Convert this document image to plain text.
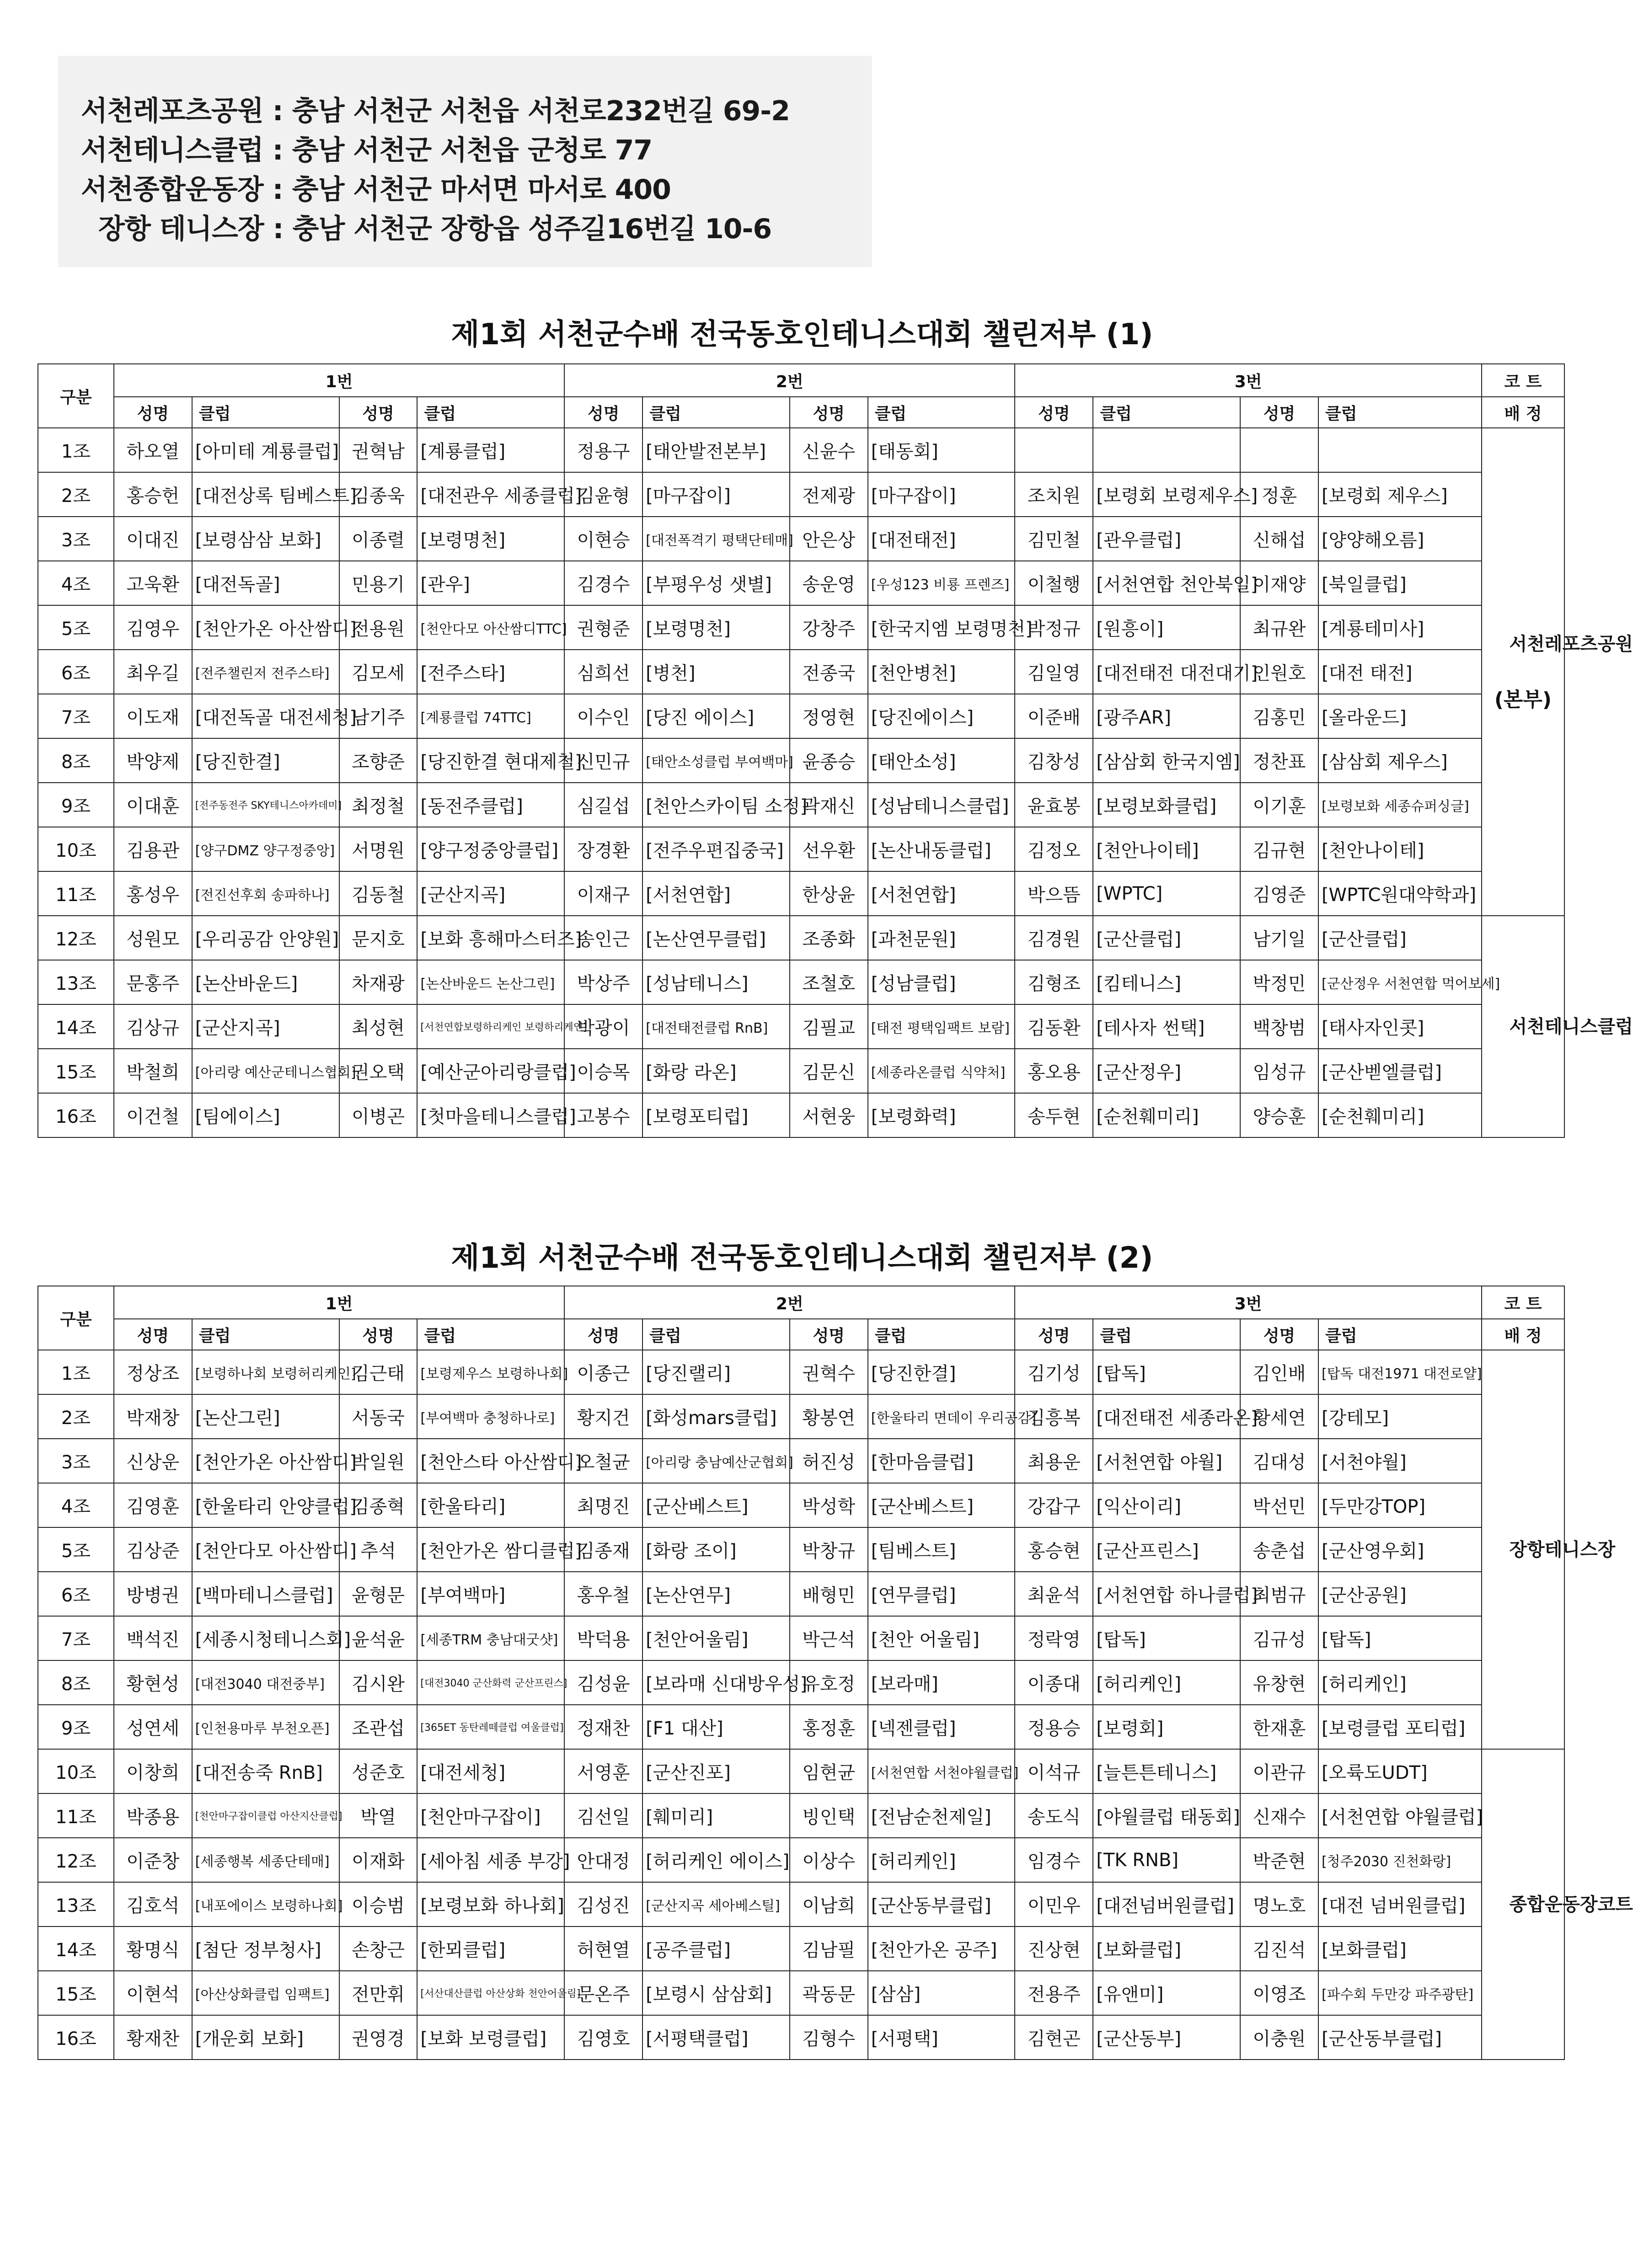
서천레포츠공원 : 충남 서천군 서천읍 서천로232번길 69-2
서천테니스클럽 : 충남 서천군 서천읍 군청로 77
서천종합운동장 : 충남 서천군 마서면 마서로 400
장항 테니스장 : 충남 서천군 장항읍 성주길16번길 10-6
제1회 서천군수배 전국동호인테니스대회 챌린저부 (1)
구분	1번				2번				3번				코 트
	성명	클럽	성명	클럽	성명	클럽	성명	클럽	성명	클럽	성명	클럽	배 정
1조	하오열	[아미테 계룡클럽]	권혁남	[계룡클럽]	정용구	[태안발전본부]	신윤수	[태동회]					서천레포츠공원
(본부)

2조	홍승헌	[대전상록 팀베스트]	김종욱	[대전관우 세종클럽]	김윤형	[마구잡이]	전제광	[마구잡이]	조치원	[보령회 보령제우스]	정훈	[보령회 제우스]	
3조	이대진	[보령삼삼 보화]	이종렬	[보령명천]	이현승	[대전폭격기 평택단테매]	안은상	[대전태전]	김민철	[관우클럽]	신해섭	[양양해오름]	
4조	고욱환	[대전독골]	민용기	[관우]	김경수	[부평우성 샛별]	송운영	[우성123 비룡 프렌즈]	이철행	[서천연합 천안북일]	이재양	[북일클럽]	
5조	김영우	[천안가온 아산쌈디]	전용원	[천안다모 아산쌈디TTC]	권형준	[보령명천]	강창주	[한국지엠 보령명천]	박정규	[원흥이]	최규완	[계룡테미사]	
6조	최우길	[전주챌린저 전주스타]	김모세	[전주스타]	심희선	[병천]	전종국	[천안병천]	김일영	[대전태전 대전대기]	인원호	[대전 태전]	
7조	이도재	[대전독골 대전세청]	남기주	[계룡클럽 74TTC]	이수인	[당진 에이스]	정영현	[당진에이스]	이준배	[광주AR]	김홍민	[올라운드]	
8조	박양제	[당진한결]	조향준	[당진한결 현대제철]	신민규	[태안소성클럽 부여백마]	윤종승	[태안소성]	김창성	[삼삼회 한국지엠]	정찬표	[삼삼회 제우스]	
9조	이대훈	[전주동전주 SKY테니스아카데미]	최정철	[동전주클럽]	심길섭	[천안스카이팀 소정]	곽재신	[성남테니스클럽]	윤효봉	[보령보화클럽]	이기훈	[보령보화 세종슈퍼싱글]	
10조	김용관	[양구DMZ 양구정중앙]	서명원	[양구정중앙클럽]	장경환	[전주우편집중국]	선우환	[논산내동클럽]	김정오	[천안나이테]	김규현	[천안나이테]	
11조	홍성우	[전진선후회 송파하나]	김동철	[군산지곡]	이재구	[서천연합]	한상윤	[서천연합]	박으뜸	[WPTC]	김영준	[WPTC원대약학과]	
12조	성원모	[우리공감 안양원]	문지호	[보화 흥해마스터즈]	송인근	[논산연무클럽]	조종화	[과천문원]	김경원	[군산클럽]	남기일	[군산클럽]	서천테니스클럽
13조	문홍주	[논산바운드]	차재광	[논산바운드 논산그린]	박상주	[성남테니스]	조철호	[성남클럽]	김형조	[킴테니스]	박정민	[군산정우 서천연합 먹어보세]	
14조	김상규	[군산지곡]	최성현	[서천연합보령하리케인 보령하리케인]	박광이	[대전태전클럽 RnB]	김필교	[태전 평택임팩트 보람]	김동환	[테사자 썬택]	백창범	[태사자인콧]	
15조	박철희	[아리랑 예산군테니스협회]	권오택	[예산군아리랑클럽]	이승목	[화랑 라온]	김문신	[세종라온클럽 식약처]	홍오용	[군산정우]	임성규	[군산벧엘클럽]	
16조	이건철	[팀에이스]	이병곤	[첫마을테니스클럽]	고봉수	[보령포티럽]	서현웅	[보령화력]	송두현	[순천훼미리]	양승훈	[순천훼미리]	
제1회 서천군수배 전국동호인테니스대회 챌린저부 (2)
구분	1번				2번				3번				코 트
	성명	클럽	성명	클럽	성명	클럽	성명	클럽	성명	클럽	성명	클럽	배 정
1조	정상조	[보령하나회 보령허리케인]	김근태	[보령제우스 보령하나회]	이종근	[당진랠리]	권혁수	[당진한결]	김기성	[탑독]	김인배	[탑독 대전1971 대전로얄]	장항테니스장
2조	박재창	[논산그린]	서동국	[부여백마 충청하나로]	황지건	[화성mars클럽]	황봉연	[한울타리 면데이 우리공감]	김흥복	[대전태전 세종라온]	황세연	[강테모]	
3조	신상운	[천안가온 아산쌈디]	박일원	[천안스타 아산쌈디]	오철균	[아리랑 충남예산군협회]	허진성	[한마음클럽]	최용운	[서천연합 야월]	김대성	[서천야월]	
4조	김영훈	[한울타리 안양클럽]	김종혁	[한울타리]	최명진	[군산베스트]	박성학	[군산베스트]	강갑구	[익산이리]	박선민	[두만강TOP]	
5조	김상준	[천안다모 아산쌈디]	추석	[천안가온 쌈디클럽]	김종재	[화랑 조이]	박창규	[팀베스트]	홍승현	[군산프린스]	송춘섭	[군산영우회]	
6조	방병권	[백마테니스클럽]	윤형문	[부여백마]	홍우철	[논산연무]	배형민	[연무클럽]	최윤석	[서천연합 하나클럽]	최범규	[군산공원]	
7조	백석진	[세종시청테니스회]	윤석윤	[세종TRM 충남대굿샷]	박덕용	[천안어울림]	박근석	[천안 어울림]	정락영	[탑독]	김규성	[탑독]	
8조	황현성	[대전3040 대전중부]	김시완	[대전3040 군산화력 군산프린스]	김성윤	[보라매 신대방우성]	유호정	[보라매]	이종대	[허리케인]	유창현	[허리케인]	
9조	성연세	[인천용마루 부천오픈]	조관섭	[365ET 동탄레떼클럽 여울클럽]	정재찬	[F1 대산]	홍정훈	[넥젠클럽]	정용승	[보령회]	한재훈	[보령클럽 포티럽]	
10조	이창희	[대전송죽 RnB]	성준호	[대전세청]	서영훈	[군산진포]	임현균	[서천연합 서천야월클럽]	이석규	[늘튼튼테니스]	이관규	[오륙도UDT]	종합운동장코트
11조	박종용	[천안마구잡이클럽 아산지산클럽]	박열	[천안마구잡이]	김선일	[훼미리]	빙인택	[전남순천제일]	송도식	[야월클럽 태동회]	신재수	[서천연합 야월클럽]	
12조	이준창	[세종행복 세종단테매]	이재화	[세아침 세종 부강]	안대정	[허리케인 에이스]	이상수	[허리케인]	임경수	[TK RNB]	박준현	[청주2030 진천화랑]	
13조	김호석	[내포에이스 보령하나회]	이승범	[보령보화 하나회]	김성진	[군산지곡 세아베스틸]	이남희	[군산동부클럽]	이민우	[대전넘버원클럽]	명노호	[대전 넘버원클럽]	
14조	황명식	[첨단 정부청사]	손창근	[한뫼클럽]	허현열	[공주클럽]	김남필	[천안가온 공주]	진상현	[보화클럽]	김진석	[보화클럽]	
15조	이현석	[아산상화클럽 임팩트]	전만휘	[서산대산클럽 아산상화 천안어울림]	문온주	[보령시 삼삼회]	곽동문	[삼삼]	전용주	[유앤미]	이영조	[파수회 두만강 파주광탄]	
16조	황재찬	[개운회 보화]	권영경	[보화 보령클럽]	김영호	[서평택클럽]	김형수	[서평택]	김현곤	[군산동부]	이충원	[군산동부클럽]	
